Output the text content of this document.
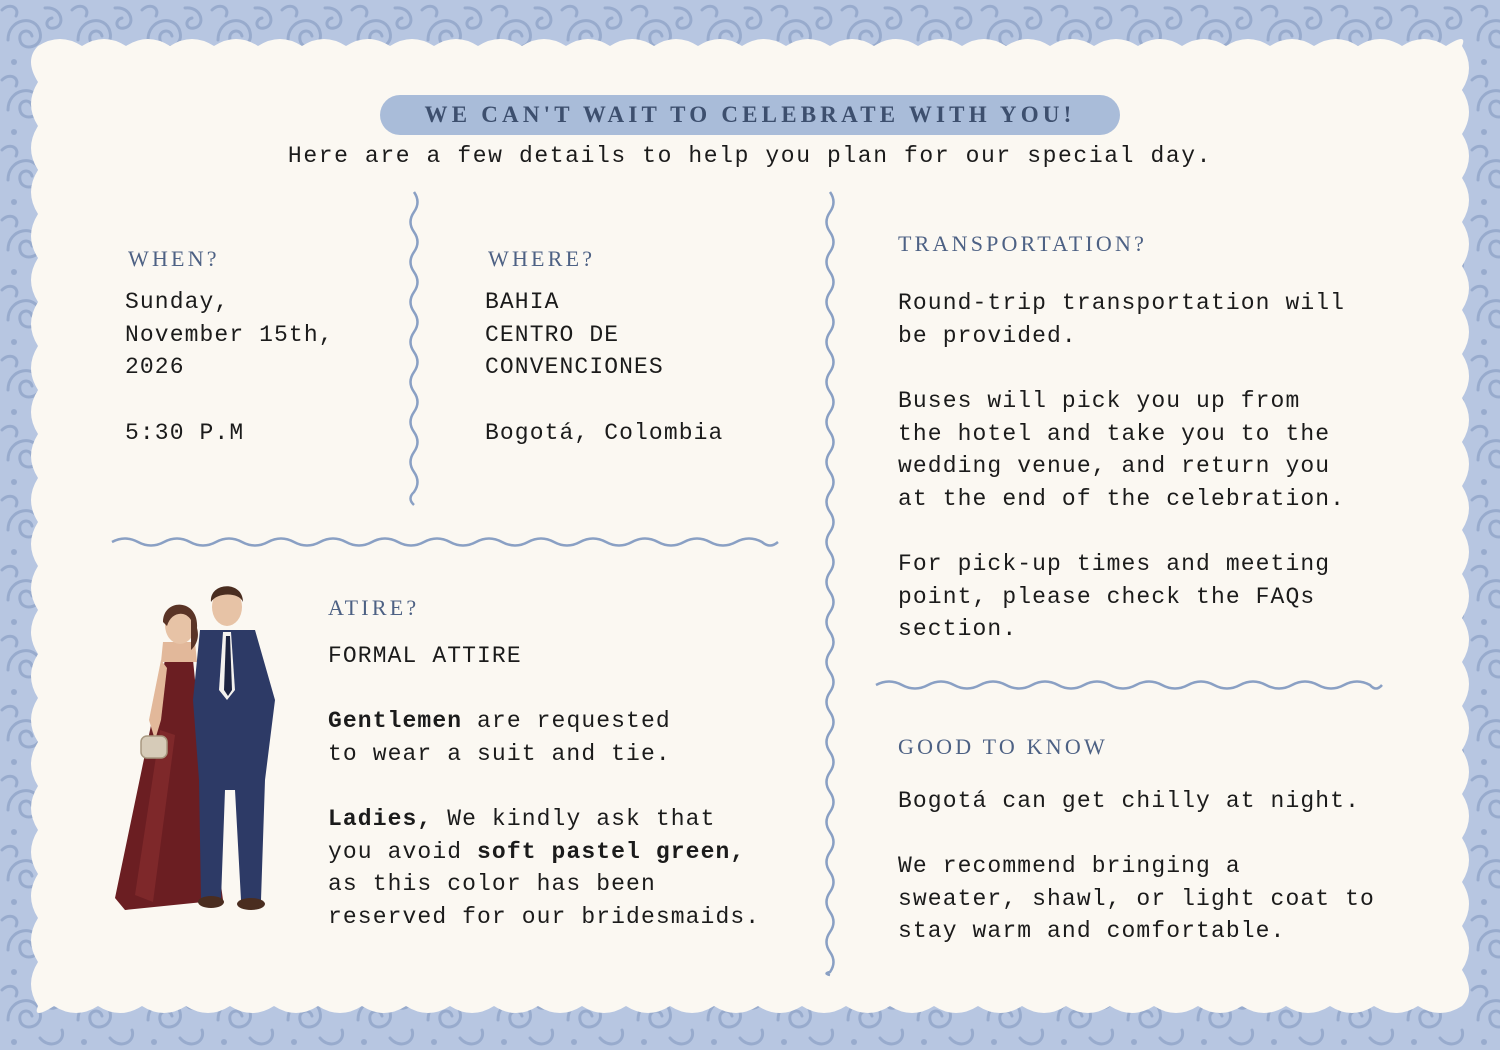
WE CAN'T WAIT TO CELEBRATE WITH YOU!
Here are a few details to help you plan for our special day.
WHEN?
Sunday,
November 15th,
2026
5:30 P.M
WHERE?
BAHIA
CENTRO DE
CONVENCIONES
Bogotá, Colombia
ATIRE?
FORMAL ATTIRE
Gentlemen are requested
to wear a suit and tie.
Ladies, We kindly ask that
you avoid soft pastel green,
as this color has been
reserved for our bridesmaids.
TRANSPORTATION?
Round-trip transportation will
be provided.
Buses will pick you up from
the hotel and take you to the
wedding venue, and return you
at the end of the celebration.
For pick-up times and meeting
point, please check the FAQs
section.
GOOD TO KNOW
Bogotá can get chilly at night.
We recommend bringing a
sweater, shawl, or light coat to
stay warm and comfortable.
